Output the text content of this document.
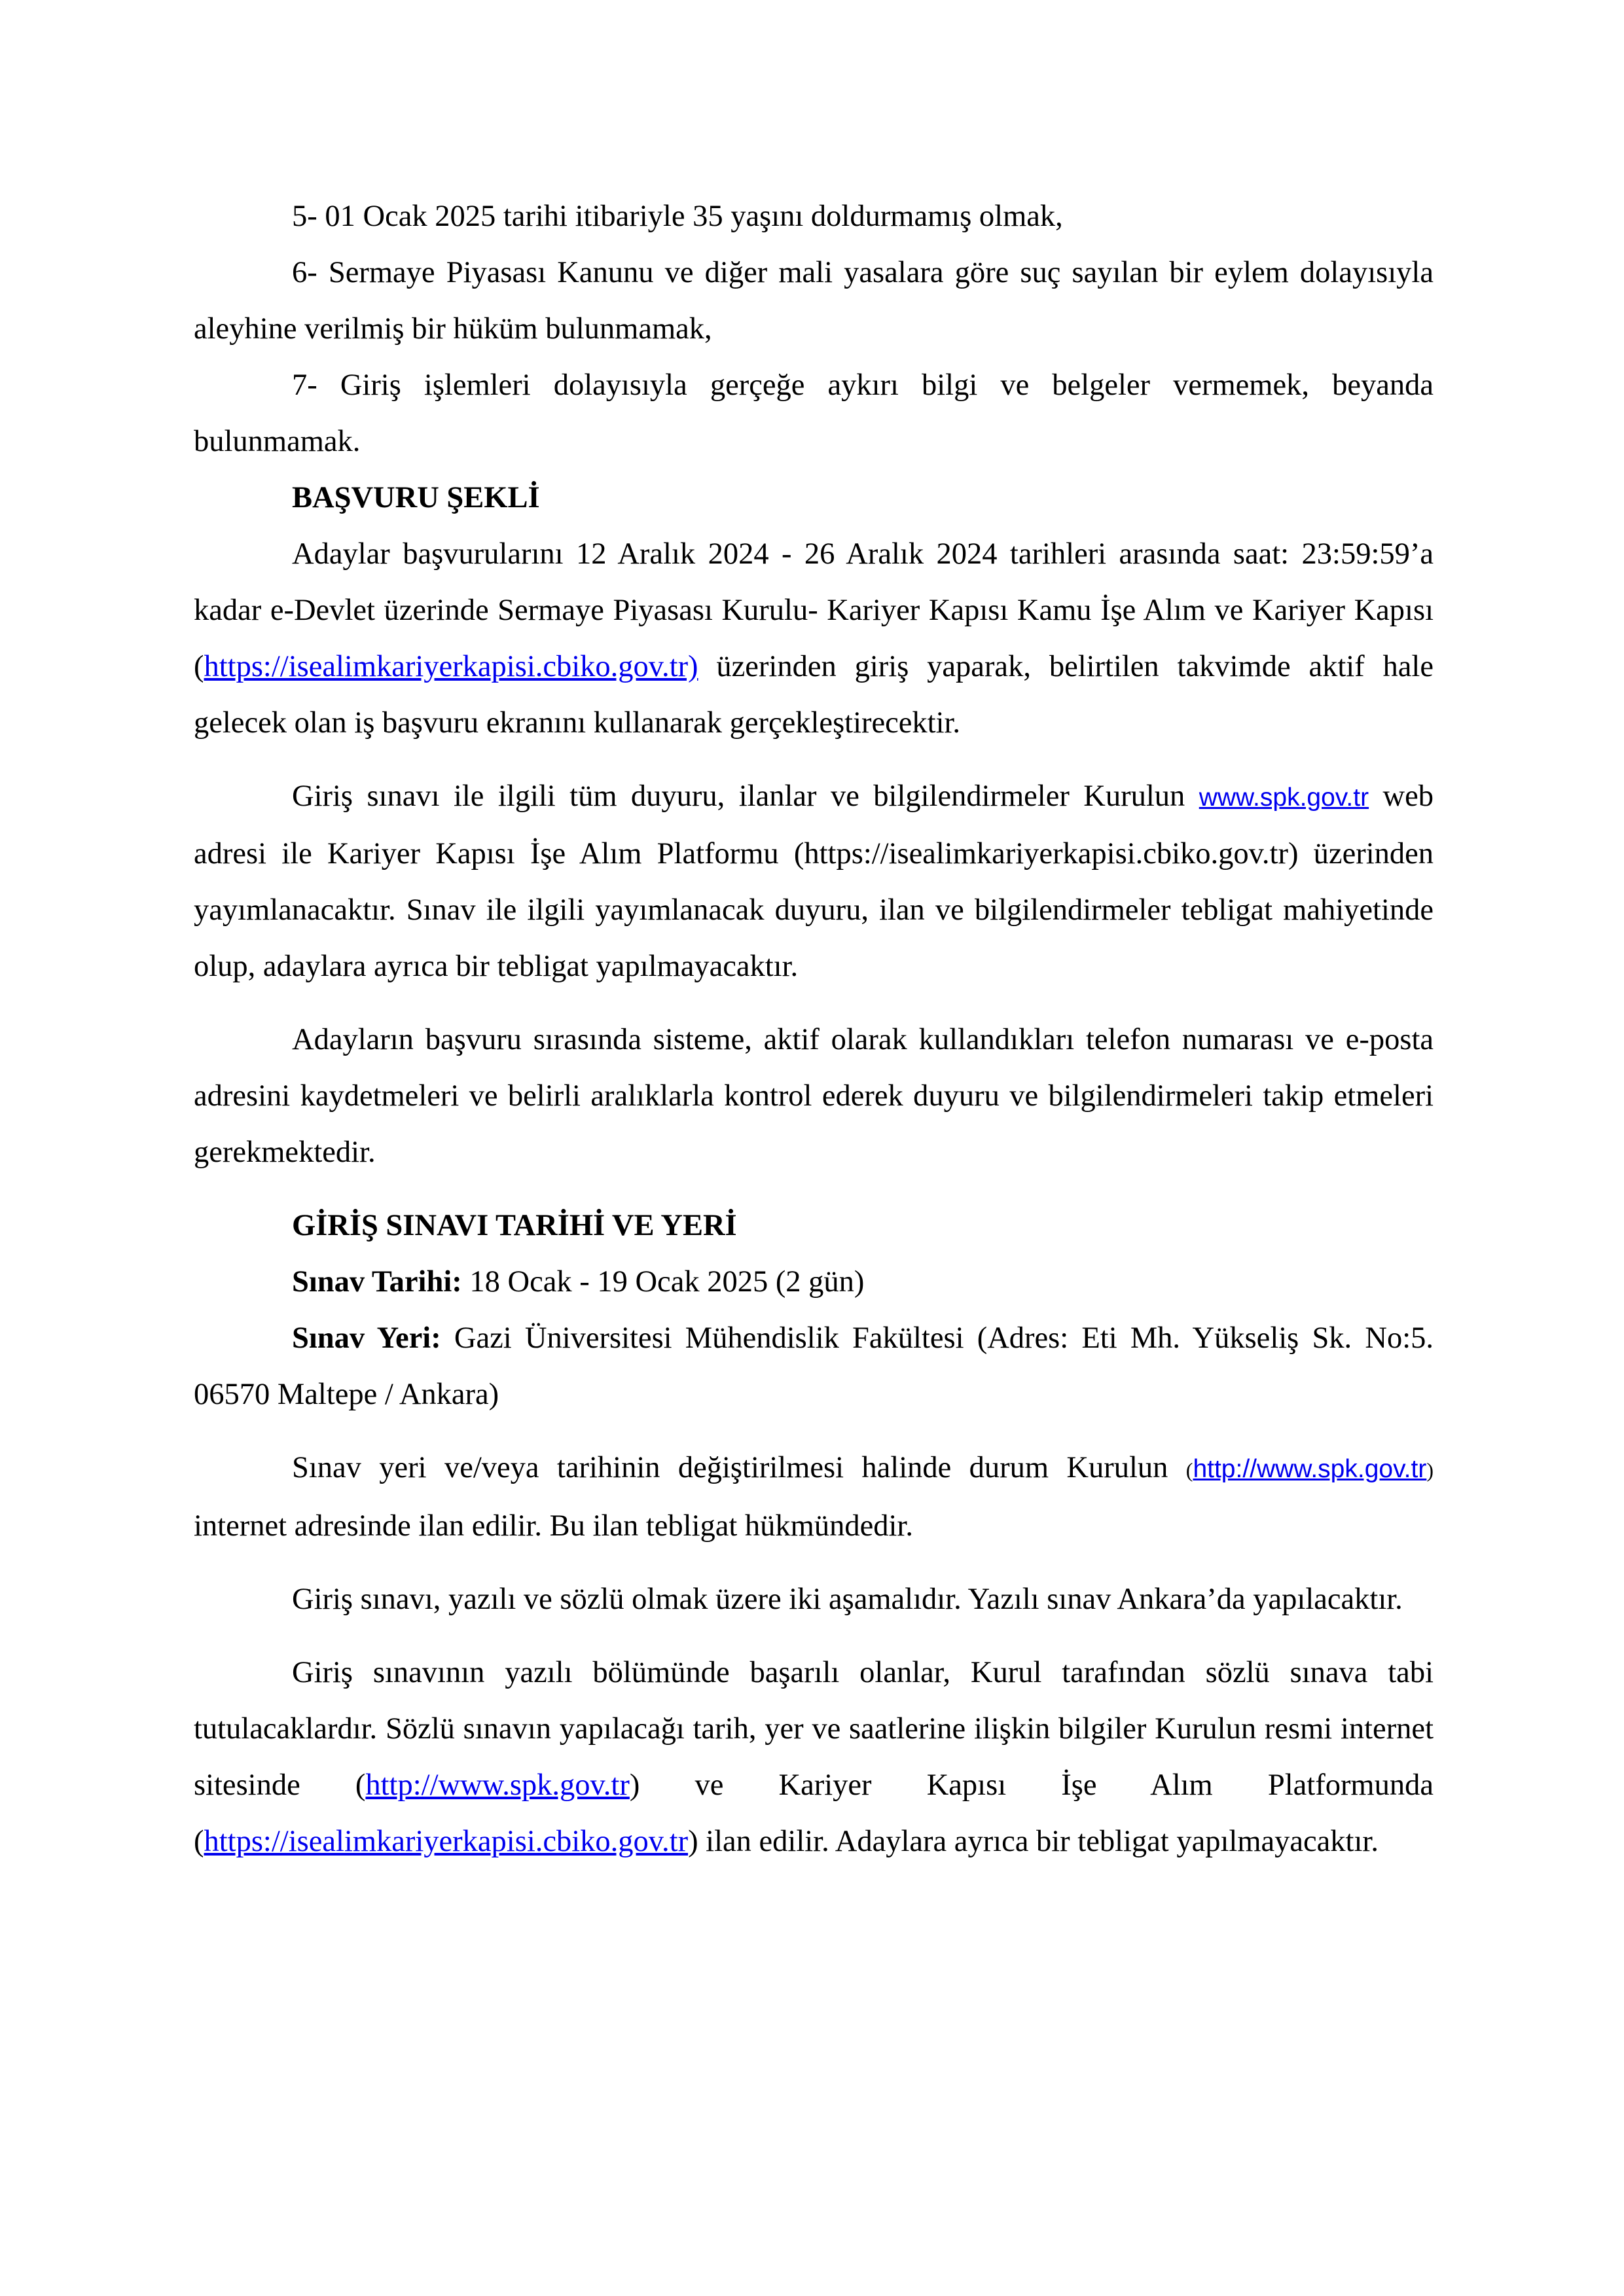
5- 01 Ocak 2025 tarihi itibariyle 35 yaşını doldurmamış olmak,

6- Sermaye Piyasası Kanunu ve diğer mali yasalara göre suç sayılan bir eylem dolayısıyla aleyhine verilmiş bir hüküm bulunmamak,

7- Giriş işlemleri dolayısıyla gerçeğe aykırı bilgi ve belgeler vermemek, beyanda bulunmamak.

BAŞVURU ŞEKLİ

Adaylar başvurularını 12 Aralık 2024 - 26 Aralık 2024 tarihleri arasında saat: 23:59:59’a kadar e-Devlet üzerinde Sermaye Piyasası Kurulu- Kariyer Kapısı Kamu İşe Alım ve Kariyer Kapısı (https://isealimkariyerkapisi.cbiko.gov.tr) üzerinden giriş yaparak, belirtilen takvimde aktif hale gelecek olan iş başvuru ekranını kullanarak gerçekleştirecektir.

Giriş sınavı ile ilgili tüm duyuru, ilanlar ve bilgilendirmeler Kurulun www.spk.gov.tr web adresi ile Kariyer Kapısı İşe Alım Platformu (https://isealimkariyerkapisi.cbiko.gov.tr) üzerinden yayımlanacaktır. Sınav ile ilgili yayımlanacak duyuru, ilan ve bilgilendirmeler tebligat mahiyetinde olup, adaylara ayrıca bir tebligat yapılmayacaktır.

Adayların başvuru sırasında sisteme, aktif olarak kullandıkları telefon numarası ve e-posta adresini kaydetmeleri ve belirli aralıklarla kontrol ederek duyuru ve bilgilendirmeleri takip etmeleri gerekmektedir.

GİRİŞ SINAVI TARİHİ VE YERİ

Sınav Tarihi: 18 Ocak - 19 Ocak 2025 (2 gün)

Sınav Yeri: Gazi Üniversitesi Mühendislik Fakültesi (Adres: Eti Mh. Yükseliş Sk. No:5. 06570 Maltepe / Ankara)

Sınav yeri ve/veya tarihinin değiştirilmesi halinde durum Kurulun (http://www.spk.gov.tr) internet adresinde ilan edilir. Bu ilan tebligat hükmündedir.

Giriş sınavı, yazılı ve sözlü olmak üzere iki aşamalıdır. Yazılı sınav Ankara’da yapılacaktır.

Giriş sınavının yazılı bölümünde başarılı olanlar, Kurul tarafından sözlü sınava tabi tutulacaklardır. Sözlü sınavın yapılacağı tarih, yer ve saatlerine ilişkin bilgiler Kurulun resmi internet sitesinde (http://www.spk.gov.tr) ve Kariyer Kapısı İşe Alım Platformunda (https://isealimkariyerkapisi.cbiko.gov.tr) ilan edilir. Adaylara ayrıca bir tebligat yapılmayacaktır.
